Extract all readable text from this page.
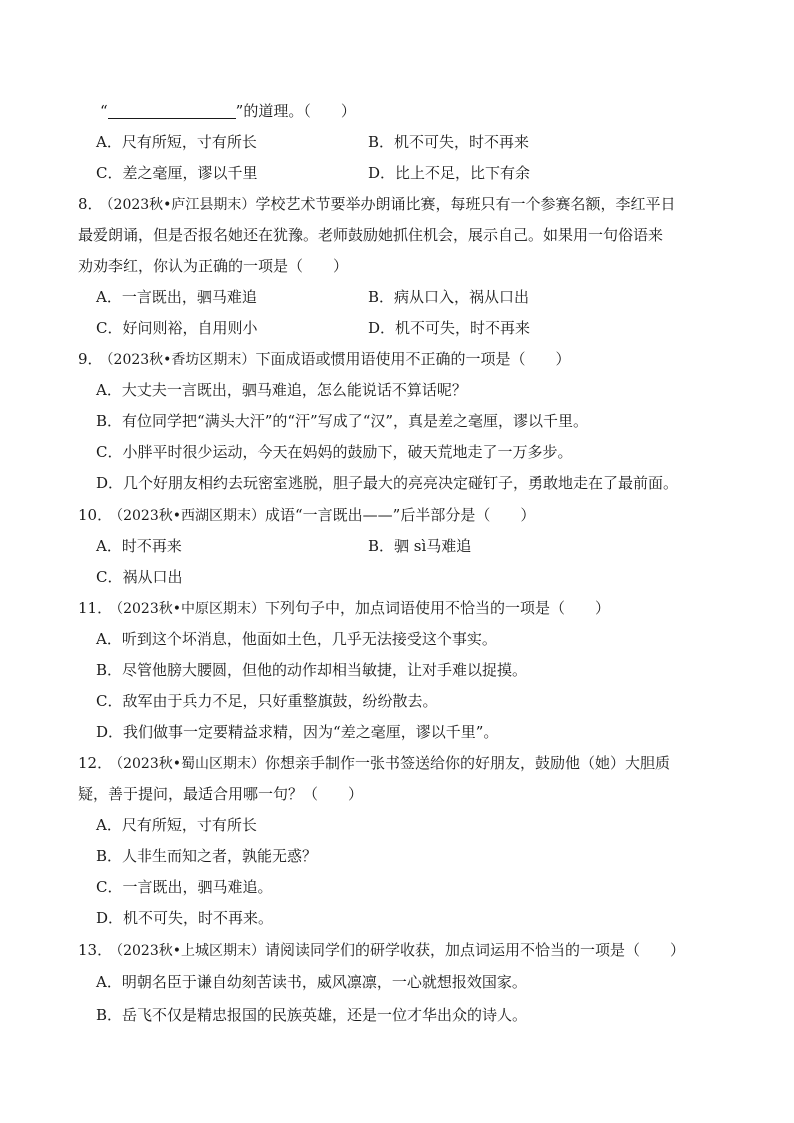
“	”的道理。（　　）
A．尺有所短，寸有所长	B．机不可失，时不再来
C．差之毫厘，谬以千里	D．比上不足，比下有余
8． （2023秋•庐江县期末）学校艺术节要举办朗诵比赛，每班只有一个参赛名额，李红平日
最爱朗诵，但是否报名她还在犹豫。老师鼓励她抓住机会，展示自己。如果用一句俗语来
劝劝李红，你认为正确的一项是（　　）
A．一言既出，驷马难追	B．病从口入，祸从口出
C．好问则裕，自用则小	D．机不可失，时不再来
9． （2023秋•香坊区期末）下面成语或惯用语使用不正确的一项是（　　）
A．大丈夫一言既出，驷马难追，怎么能说话不算话呢？
B．有位同学把“满头大汗”的“汗”写成了“汉”，真是差之毫厘，谬以千里。
C．小胖平时很少运动，今天在妈妈的鼓励下，破天荒地走了一万多步。
D．几个好朋友相约去玩密室逃脱，胆子最大的亮亮决定碰钉子，勇敢地走在了最前面。
10． （2023秋•西湖区期末）成语“一言既出——”后半部分是（　　）
A．时不再来	B．驷 sì马难追
C．祸从口出
11． （2023秋•中原区期末）下列句子中，加点词语使用不恰当的一项是（　　）
A．听到这个坏消息，他面如土色，几乎无法接受这个事实。
B．尽管他膀大腰圆，但他的动作却相当敏捷，让对手难以捉摸。
C．敌军由于兵力不足，只好重整旗鼓，纷纷散去。
D．我们做事一定要精益求精，因为“差之毫厘，谬以千里”。
12． （2023秋•蜀山区期末）你想亲手制作一张书签送给你的好朋友，鼓励他（她）大胆质
疑，善于提问，最适合用哪一句？（　　）
A．尺有所短，寸有所长
B．人非生而知之者，孰能无惑？
C．一言既出，驷马难追。
D．机不可失，时不再来。
13． （2023秋•上城区期末）请阅读同学们的研学收获，加点词运用不恰当的一项是（　　）
A．明朝名臣于谦自幼刻苦读书，威风凛凛，一心就想报效国家。
B．岳飞不仅是精忠报国的民族英雄，还是一位才华出众的诗人。
